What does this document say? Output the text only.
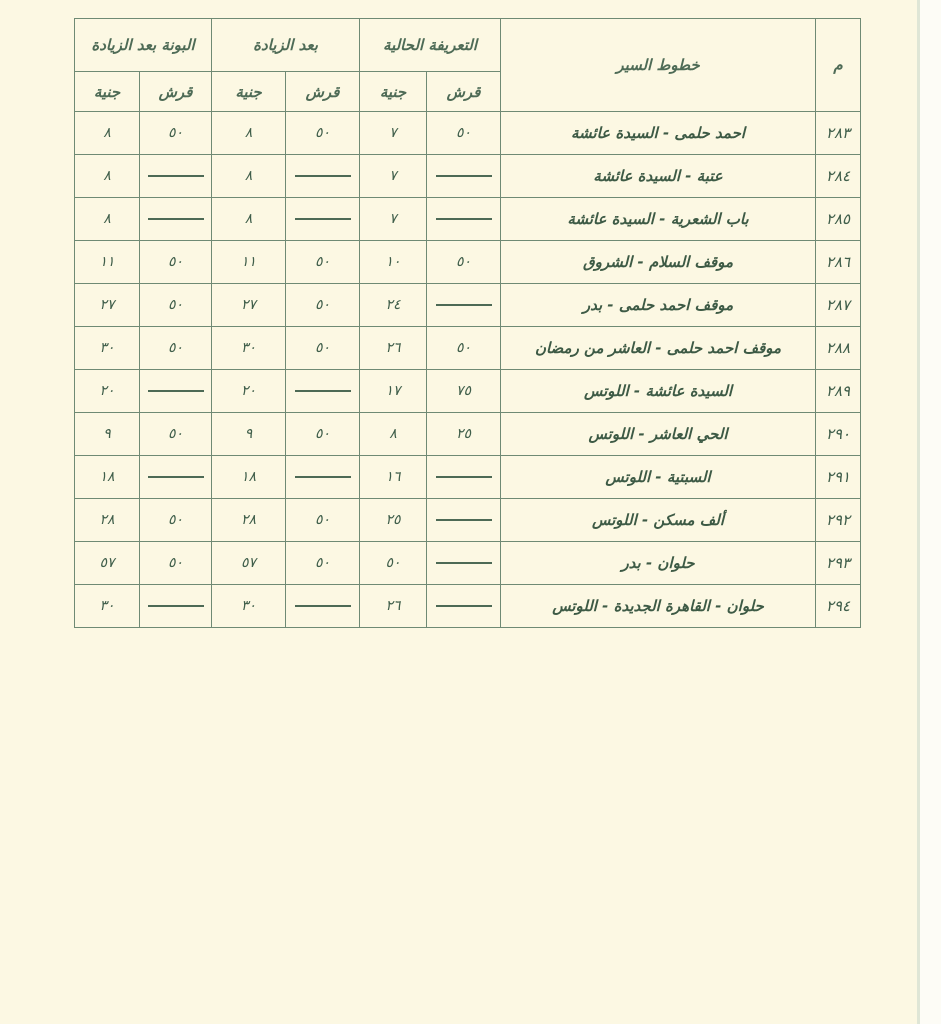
م	خطوط السير	التعريفة الحالية		بعد الزيادة		البونة بعد الزيادة	
		قرش	جنية	قرش	جنية	قرش	جنية
٢٨٣	احمد حلمى - السيدة عائشة	٥٠	٧	٥٠	٨	٥٠	٨
٢٨٤	عتبة - السيدة عائشة		٧		٨		٨
٢٨٥	باب الشعرية - السيدة عائشة		٧		٨		٨
٢٨٦	موقف السلام - الشروق	٥٠	١٠	٥٠	١١	٥٠	١١
٢٨٧	موقف احمد حلمى - بدر		٢٤	٥٠	٢٧	٥٠	٢٧
٢٨٨	موقف احمد حلمى - العاشر من رمضان	٥٠	٢٦	٥٠	٣٠	٥٠	٣٠
٢٨٩	السيدة عائشة - اللوتس	٧٥	١٧		٢٠		٢٠
٢٩٠	الحي العاشر - اللوتس	٢٥	٨	٥٠	٩	٥٠	٩
٢٩١	السبتية - اللوتس		١٦		١٨		١٨
٢٩٢	ألف مسكن - اللوتس		٢٥	٥٠	٢٨	٥٠	٢٨
٢٩٣	حلوان - بدر		٥٠	٥٠	٥٧	٥٠	٥٧
٢٩٤	حلوان - القاهرة الجديدة - اللوتس		٢٦		٣٠		٣٠
